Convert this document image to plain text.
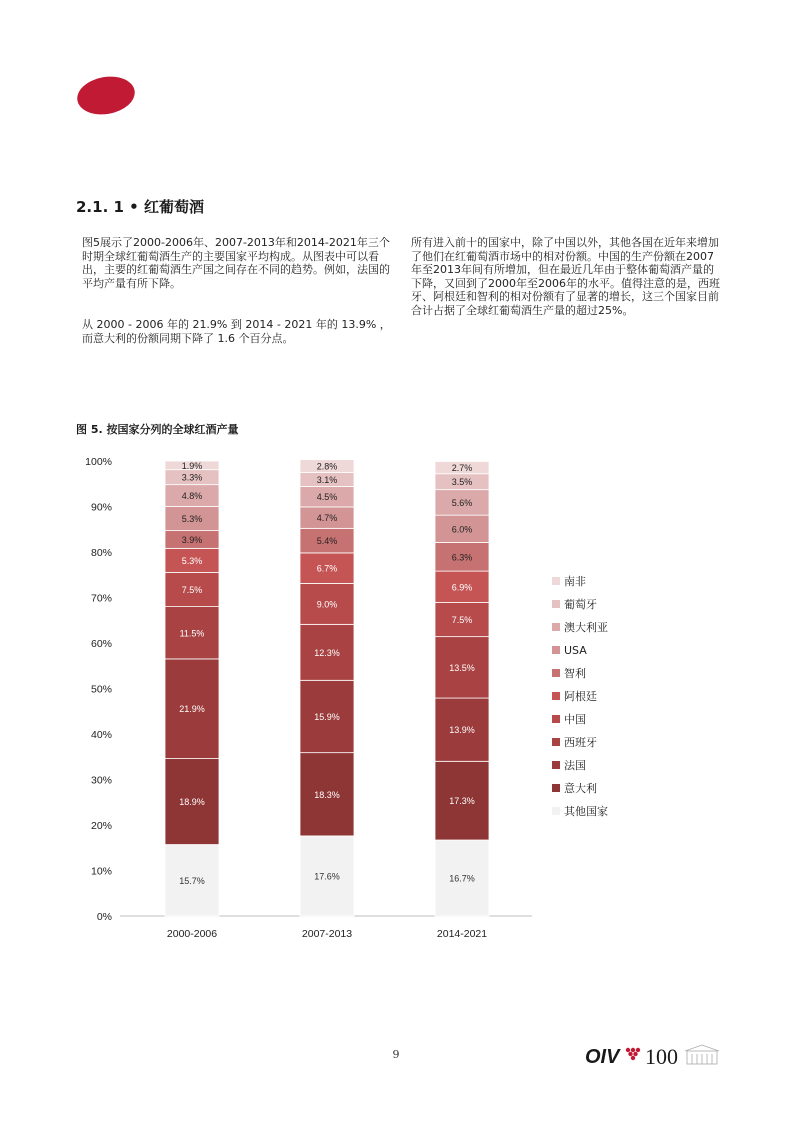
2.1. 1 • 红葡萄酒

图5展示了2000-2006年、2007-2013年和2014-2021年三个时期全球红葡萄酒生产的主要国家平均构成。从图表中可以看出，主要的红葡萄酒生产国之间存在不同的趋势。例如，法国的平均产量有所下降。

从 2000 - 2006 年的 21.9% 到 2014 - 2021 年的 13.9% ，而意大利的份额同期下降了 1.6 个百分点。

所有进入前十的国家中，除了中国以外，其他各国在近年来增加了他们在红葡萄酒市场中的相对份额。中国的生产份额在2007年至2013年间有所增加，但在最近几年由于整体葡萄酒产量的下降，又回到了2000年至2006年的水平。值得注意的是，西班牙、阿根廷和智利的相对份额有了显著的增长，这三个国家目前合计占据了全球红葡萄酒生产量的超过25%。

图 5. 按国家分列的全球红酒产量
0%
10%
20%
30%
40%
50%
60%
70%
80%
90%
100%
15.7%
18.9%
21.9%
11.5%
7.5%
5.3%
3.9%
5.3%
4.8%
3.3%
1.9%
2000-2006
17.6%
18.3%
15.9%
12.3%
9.0%
6.7%
5.4%
4.7%
4.5%
3.1%
2.8%
2007-2013
16.7%
17.3%
13.9%
13.5%
7.5%
6.9%
6.3%
6.0%
5.6%
3.5%
2.7%
2014-2021
南非
葡萄牙
澳大利亚
USA
智利
阿根廷
中国
西班牙
法国
意大利
其他国家
9	OIV 100
